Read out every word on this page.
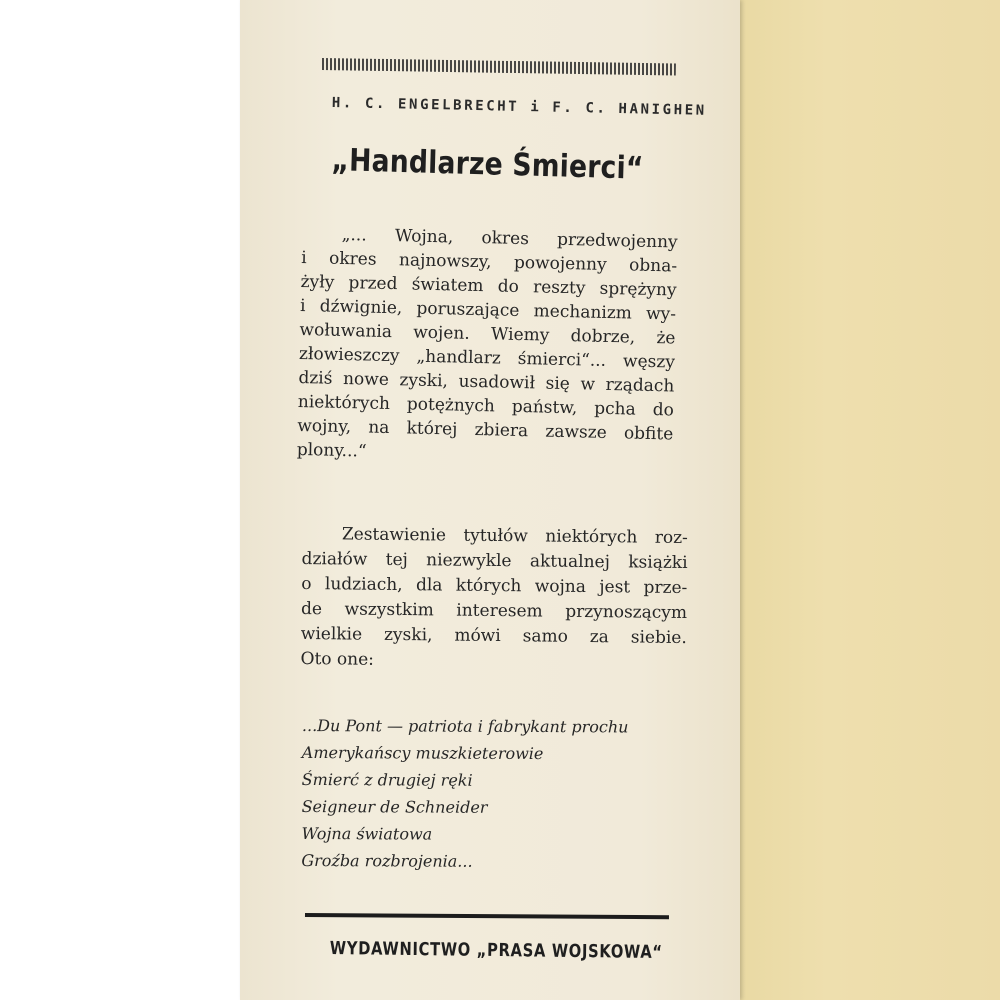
H. C. ENGELBRECHT i F. C. HANIGHEN
„Handlarze Śmierci“
„... Wojna, okres przedwojenny
i okres najnowszy, powojenny obna-
żyły przed światem do reszty sprężyny
i dźwignie, poruszające mechanizm wy-
wołuwania wojen. Wiemy dobrze, że
złowieszczy „handlarz śmierci“... węszy
dziś nowe zyski, usadowił się w rządach
niektórych potężnych państw, pcha do
wojny, na której zbiera zawsze obfite
plony...“
Zestawienie tytułów niektórych roz-
działów tej niezwykle aktualnej książki
o ludziach, dla których wojna jest prze-
de wszystkim interesem przynoszącym
wielkie zyski, mówi samo za siebie.
Oto one:
...Du Pont — patriota i fabrykant prochu
Amerykańscy muszkieterowie
Śmierć z drugiej ręki
Seigneur de Schneider
Wojna światowa
Groźba rozbrojenia...
WYDAWNICTWO „PRASA WOJSKOWA“
